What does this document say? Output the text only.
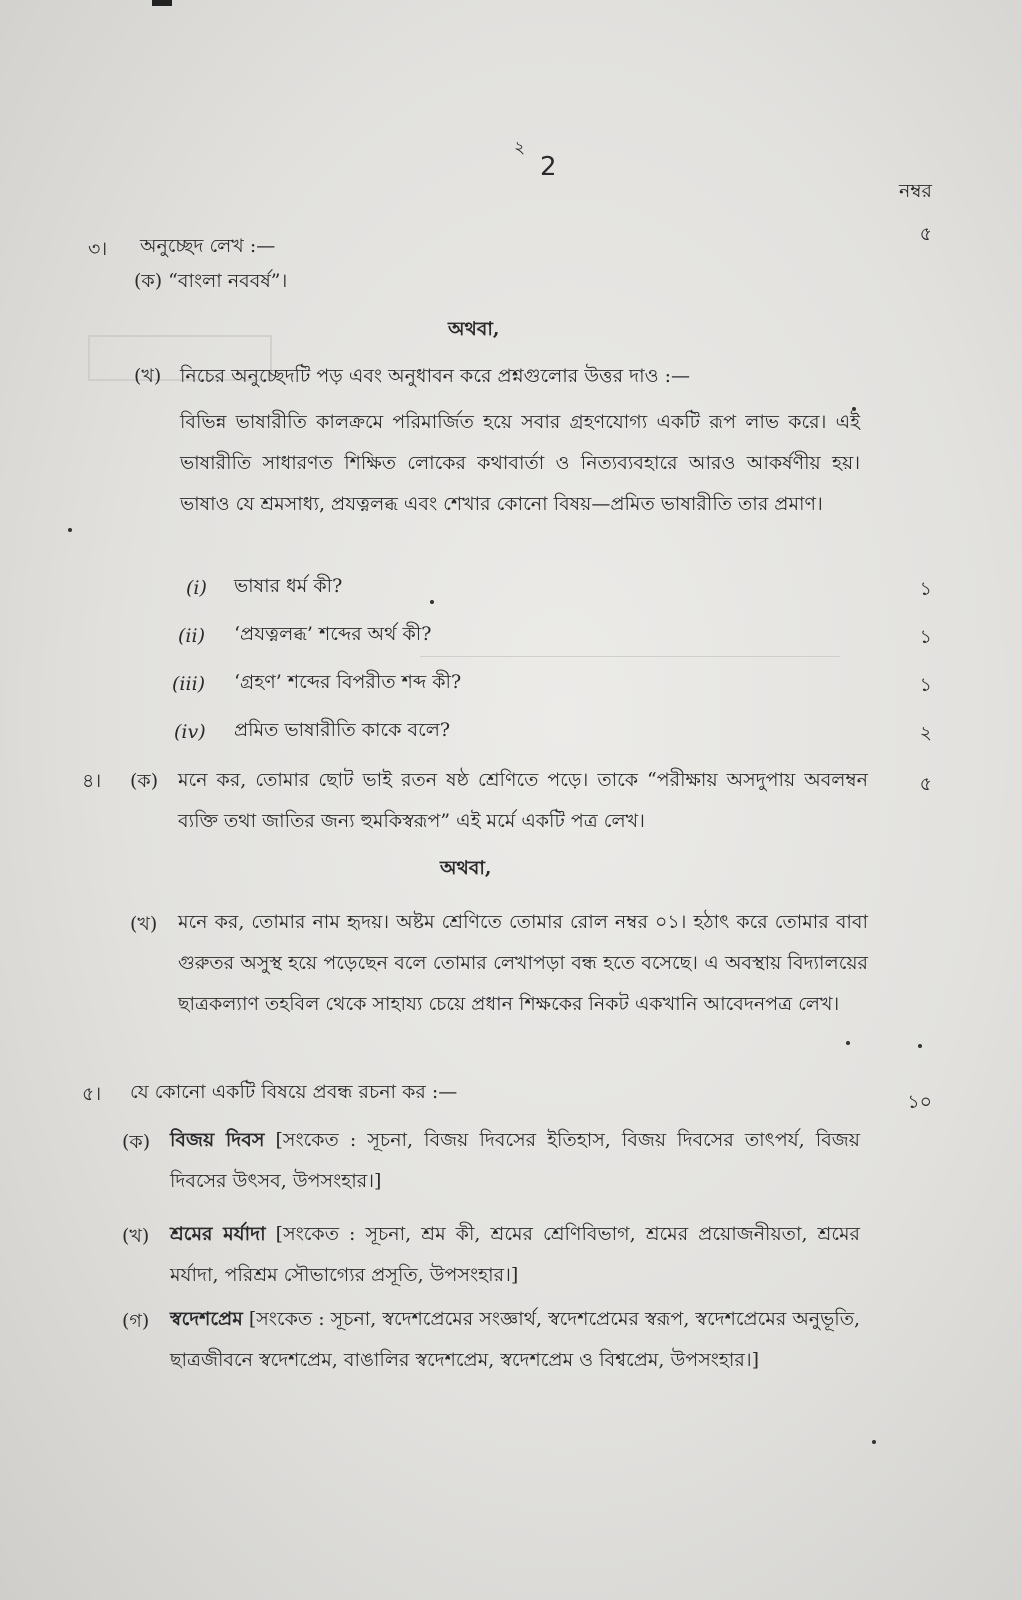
২
2
নম্বর
৩। অনুচ্ছেদ লেখ :—
৫
(ক) “বাংলা নববর্ষ”।
অথবা,
(খ) নিচের অনুচ্ছেদটি পড় এবং অনুধাবন করে প্রশ্নগুলোর উত্তর দাও :—
বিভিন্ন ভাষারীতি কালক্রমে পরিমার্জিত হয়ে সবার গ্রহণযোগ্য একটি রূপ লাভ করে। এই ভাষারীতি সাধারণত শিক্ষিত লোকের কথাবার্তা ও নিত্যব্যবহারে আরও আকর্ষণীয় হয়। ভাষাও যে শ্রমসাধ্য, প্রযত্নলব্ধ এবং শেখার কোনো বিষয়—প্রমিত ভাষারীতি তার প্রমাণ।
(i) ভাষার ধর্ম কী?	১
(ii) ‘প্রযত্নলব্ধ’ শব্দের অর্থ কী?	১
(iii) ‘গ্রহণ’ শব্দের বিপরীত শব্দ কী?	১
(iv) প্রমিত ভাষারীতি কাকে বলে?	২
৪। (ক) মনে কর, তোমার ছোট ভাই রতন ষষ্ঠ শ্রেণিতে পড়ে। তাকে “পরীক্ষায় অসদুপায় অবলম্বন ব্যক্তি তথা জাতির জন্য হুমকিস্বরূপ” এই মর্মে একটি পত্র লেখ।
৫
অথবা,
(খ) মনে কর, তোমার নাম হৃদয়। অষ্টম শ্রেণিতে তোমার রোল নম্বর ০১। হঠাৎ করে তোমার বাবা গুরুতর অসুস্থ হয়ে পড়েছেন বলে তোমার লেখাপড়া বন্ধ হতে বসেছে। এ অবস্থায় বিদ্যালয়ের ছাত্রকল্যাণ তহবিল থেকে সাহায্য চেয়ে প্রধান শিক্ষকের নিকট একখানি আবেদনপত্র লেখ।
৫। যে কোনো একটি বিষয়ে প্রবন্ধ রচনা কর :—	১০
(ক) বিজয় দিবস [সংকেত : সূচনা, বিজয় দিবসের ইতিহাস, বিজয় দিবসের তাৎপর্য, বিজয় দিবসের উৎসব, উপসংহার।]
(খ) শ্রমের মর্যাদা [সংকেত : সূচনা, শ্রম কী, শ্রমের শ্রেণিবিভাগ, শ্রমের প্রয়োজনীয়তা, শ্রমের মর্যাদা, পরিশ্রম সৌভাগ্যের প্রসূতি, উপসংহার।]
(গ) স্বদেশপ্রেম [সংকেত : সূচনা, স্বদেশপ্রেমের সংজ্ঞার্থ, স্বদেশপ্রেমের স্বরূপ, স্বদেশপ্রেমের অনুভূতি, ছাত্রজীবনে স্বদেশপ্রেম, বাঙালির স্বদেশপ্রেম, স্বদেশপ্রেম ও বিশ্বপ্রেম, উপসংহার।]
